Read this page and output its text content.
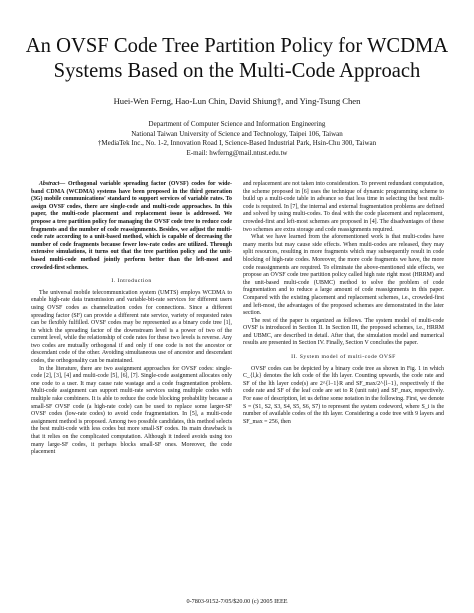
An OVSF Code Tree Partition Policy for WCDMA Systems Based on the Multi-Code Approach
Huei-Wen Ferng, Hao-Lun Chin, David Shiung†, and Ying-Tsung Chen
Department of Computer Science and Information Engineering
National Taiwan University of Science and Technology, Taipei 106, Taiwan
†MediaTek Inc., No. 1-2, Innovation Road I, Science-Based Industrial Park, Hsin-Chu 300, Taiwan
E-mail: hwferng@mail.ntust.edu.tw

Abstract— Orthogonal variable spreading factor (OVSF) codes for wide-band CDMA (WCDMA) systems have been proposed in the third generation (3G) mobile communications' standard to support services of variable rates. To assign OVSF codes, there are single-code and multi-code approaches. In this paper, the multi-code placement and replacement issue is addressed. We propose a tree partition policy for managing the OVSF code tree to reduce code fragments and the number of code reassignments. Besides, we adjust the multi-code rate according to a unit-based method, which is capable of decreasing the number of code fragments because fewer low-rate codes are utilized. Through extensive simulations, it turns out that the tree partition policy and the unit-based multi-code method jointly perform better than the left-most and crowded-first schemes.

I. Introduction

The universal mobile telecommunication system (UMTS) employs WCDMA to enable high-rate data transmission and variable-bit-rate services for different users using OVSF codes as channelization codes for connections. Since a different spreading factor (SF) can provide a different rate service, variety of requested rates can be flexibly fulfilled. OVSF codes may be represented as a binary code tree [1], in which the spreading factor of the downstream level is a power of two of the current level, while the relationship of code rates for these two levels is reverse. Any two codes are mutually orthogonal if and only if one code is not the ancestor or descendant code of the other. Avoiding simultaneous use of ancestor and descendant codes, the orthogonality can be maintained.

In the literature, there are two assignment approaches for OVSF codes: single-code [2], [3], [4] and multi-code [5], [6], [7]. Single-code assignment allocates only one code to a user. It may cause rate wastage and a code fragmentation problem. Multi-code assignment can support multi-rate services using multiple codes with multiple rake combiners. It is able to reduce the code blocking probability because a small-SF OVSF code (a high-rate code) can be used to replace some larger-SF OVSF codes (low-rate codes) to avoid code fragmentation. In [5], a multi-code assignment method is proposed. Among two possible candidates, this method selects the best multi-code with less codes but more small-SF codes. Its main drawback is that it relies on the complicated computation. Although it indeed avoids using too many large-SF codes, it perhaps blocks small-SF ones. Moreover, the code placement

and replacement are not taken into consideration. To prevent redundant computation, the scheme proposed in [6] uses the technique of dynamic programming scheme to build up a multi-code table in advance so that less time in selecting the best multi-code is required. In [7], the internal and external fragmentation problems are defined and solved by using multi-codes. To deal with the code placement and replacement, crowded-first and left-most schemes are proposed in [4]. The disadvantages of these two schemes are extra storage and code reassignments required.

What we have learned from the aforementioned work is that multi-codes have many merits but may cause side effects. When multi-codes are released, they may split resources, resulting in more fragments which may subsequently result in code blocking of high-rate codes. Moreover, the more code fragments we have, the more code reassignments are required. To eliminate the above-mentioned side effects, we propose an OVSF code tree partition policy called high rate right most (HRRM) and the unit-based multi-code (UBMC) method to solve the problem of code fragmentation and to reduce a large amount of code reassignments in this paper. Compared with the existing placement and replacement schemes, i.e., crowded-first and left-most, the advantages of the proposed schemes are demonstrated in the later section.

The rest of the paper is organized as follows. The system model of multi-code OVSF is introduced in Section II. In Section III, the proposed schemes, i.e., HRRM and UBMC, are described in detail. After that, the simulation model and numerical results are presented in Section IV. Finally, Section V concludes the paper.

II. System model of multi-code OVSF

OVSF codes can be depicted by a binary code tree as shown in Fig. 1 in which C_{l,k} denotes the kth code of the lth layer. Counting upwards, the code rate and SF of the lth layer code(s) are 2^{l−1}R and SF_max/2^{l−1}, respectively if the code rate and SF of the leaf code are set to R (unit rate) and SF_max, respectively. For ease of description, let us define some notation in the following. First, we denote S = (S1, S2, S3, S4, S5, S6, S7) to represent the system codeword, where S_i is the number of available codes of the ith layer. Considering a code tree with 9 layers and SF_max = 256, then

0-7803-9152-7/05/$20.00 (c) 2005 IEEE
